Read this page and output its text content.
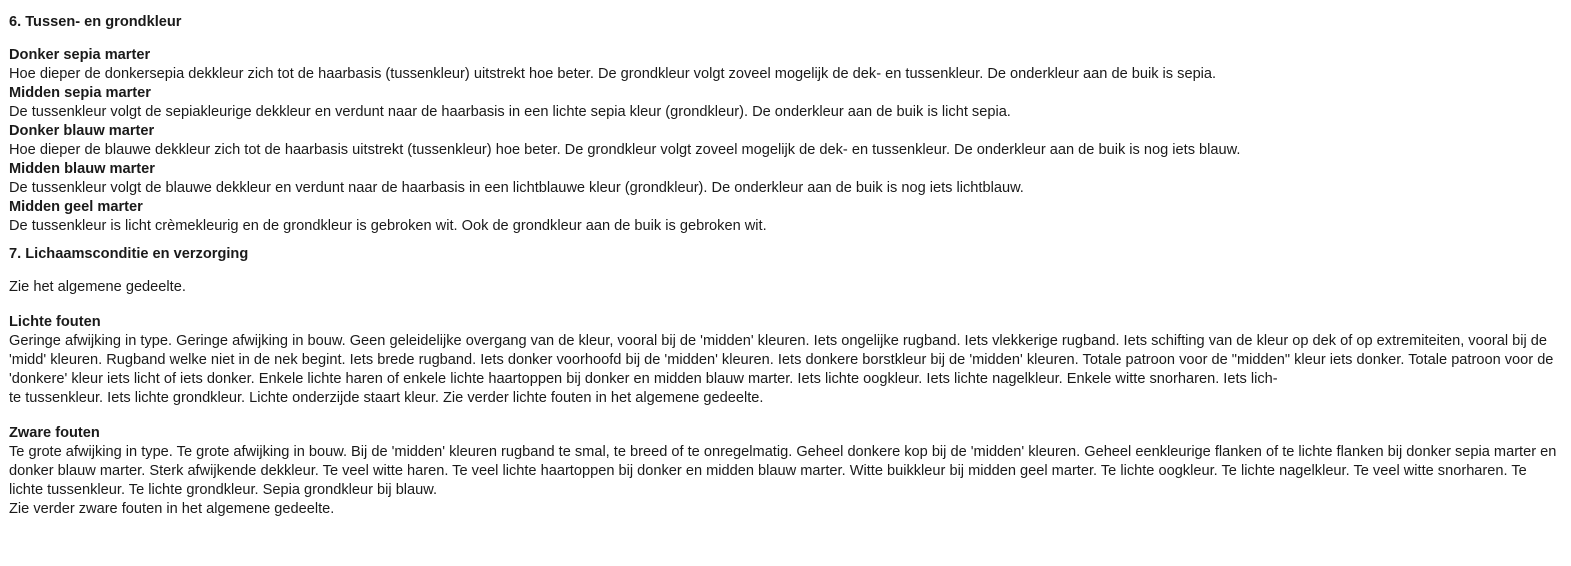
6. Tussen- en grondkleur

Donker sepia marter

Hoe dieper de donkersepia dekkleur zich tot de haarbasis (tussenkleur) uitstrekt hoe beter. De grondkleur volgt zoveel mogelijk de dek- en tussenkleur. De onderkleur aan de buik is sepia.

Midden sepia marter

De tussenkleur volgt de sepiakleurige dekkleur en verdunt naar de haarbasis in een lichte sepia kleur (grondkleur). De onderkleur aan de buik is licht sepia.

Donker blauw marter

Hoe dieper de blauwe dekkleur zich tot de haarbasis uitstrekt (tussenkleur) hoe beter. De grondkleur volgt zoveel mogelijk de dek- en tussenkleur. De onderkleur aan de buik is nog iets blauw.

Midden blauw marter

De tussenkleur volgt de blauwe dekkleur en verdunt naar de haarbasis in een lichtblauwe kleur (grondkleur). De onderkleur aan de buik is nog iets lichtblauw.

Midden geel marter

De tussenkleur is licht crèmekleurig en de grondkleur is gebroken wit. Ook de grondkleur aan de buik is gebroken wit.

7. Lichaamsconditie en verzorging

Zie het algemene gedeelte.

Lichte fouten

Geringe afwijking in type. Geringe afwijking in bouw. Geen geleidelijke overgang van de kleur, vooral bij de 'midden' kleuren. Iets ongelijke rugband. Iets vlekkerige rugband. Iets schifting van de kleur op dek of op extremiteiten, vooral bij de 'midd' kleuren. Rugband welke niet in de nek begint. Iets brede rugband. Iets donker voorhoofd bij de 'midden' kleuren. Iets donkere borstkleur bij de 'midden' kleuren. Totale patroon voor de "midden" kleur iets donker. Totale patroon voor de 'donkere' kleur iets licht of iets donker. Enkele lichte haren of enkele lichte haartoppen bij donker en midden blauw marter. Iets lichte oogkleur. Iets lichte nagelkleur. Enkele witte snorharen. Iets lich-

te tussenkleur. Iets lichte grondkleur. Lichte onderzijde staart kleur. Zie verder lichte fouten in het algemene gedeelte.

Zware fouten

Te grote afwijking in type. Te grote afwijking in bouw. Bij de 'midden' kleuren rugband te smal, te breed of te onregelmatig. Geheel donkere kop bij de 'midden' kleuren. Geheel eenkleurige flanken of te lichte flanken bij donker sepia marter en donker blauw marter. Sterk afwijkende dekkleur. Te veel witte haren. Te veel lichte haartoppen bij donker en midden blauw marter. Witte buikkleur bij midden geel marter. Te lichte oogkleur. Te lichte nagelkleur. Te veel witte snorharen. Te lichte tussenkleur. Te lichte grondkleur. Sepia grondkleur bij blauw.

Zie verder zware fouten in het algemene gedeelte.
